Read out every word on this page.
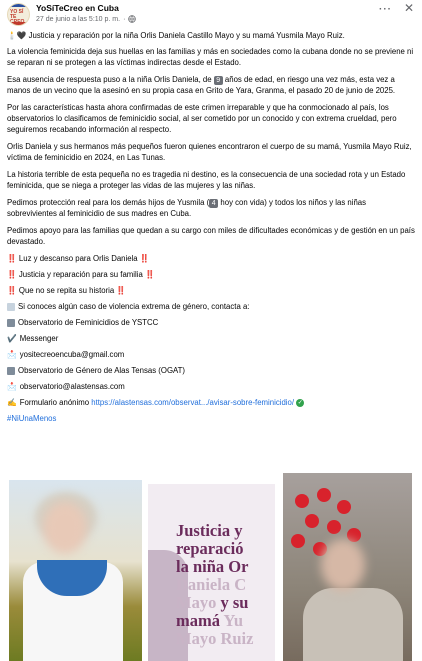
YO SÍ TE
YoSíTeCreo en Cuba
27 de junio a las 5:10 p. m. ·
··· ✕

🕯️🖤 Justicia y reparación por la niña Orlis Daniela Castillo Mayo y su mamá Yusmila Mayo Ruiz.

La violencia feminicida deja sus huellas en las familias y más en sociedades como la cubana donde no se previene ni se reparan ni se protegen a las víctimas indirectas desde el Estado.

Esa ausencia de respuesta puso a la niña Orlis Daniela, de 9 años de edad, en riesgo una vez más, esta vez a manos de un vecino que la asesinó en su propia casa en Grito de Yara, Granma, el pasado 20 de junio de 2025.

Por las características hasta ahora confirmadas de este crimen irreparable y que ha conmocionado al país, los observatorios lo clasificamos de feminicidio social, al ser cometido por un conocido y con extrema crueldad, pero seguiremos recabando información al respecto.

Orlis Daniela y sus hermanos más pequeños fueron quienes encontraron el cuerpo de su mamá, Yusmila Mayo Ruiz, víctima de feminicidio en 2024, en Las Tunas.

La historia terrible de esta pequeña no es tragedia ni destino, es la consecuencia de una sociedad rota y un Estado feminicida, que se niega a proteger las vidas de las mujeres y las niñas.

Pedimos protección real para los demás hijos de Yusmila ( 4 hoy con vida) y todos los niños y las niñas sobrevivientes al feminicidio de sus madres en Cuba.

Pedimos apoyo para las familias que quedan a su cargo con miles de dificultades económicas y de gestión en un país devastado.

‼️ Luz y descanso para Orlis Daniela ‼️

‼️ Justicia y reparación para su familia ‼️

‼️ Que no se repita su historia ‼️

Si conoces algún caso de violencia extrema de género, contacta a:

Observatorio de Feminicidios de YSTCC

✔️ Messenger

📩 yositecreoencuba@gmail.com

Observatorio de Género de Alas Tensas (OGAT)

📩 observatorio@alastensas.com

✍️ Formulario anónimo https://alastensas.com/observat.../avisar-sobre-feminicidio/ ✓

#NiUnaMenos

Justicia y
reparació
la niña Or
Daniela C
Mayo y su
mamá Yu
Mayo Ruiz
